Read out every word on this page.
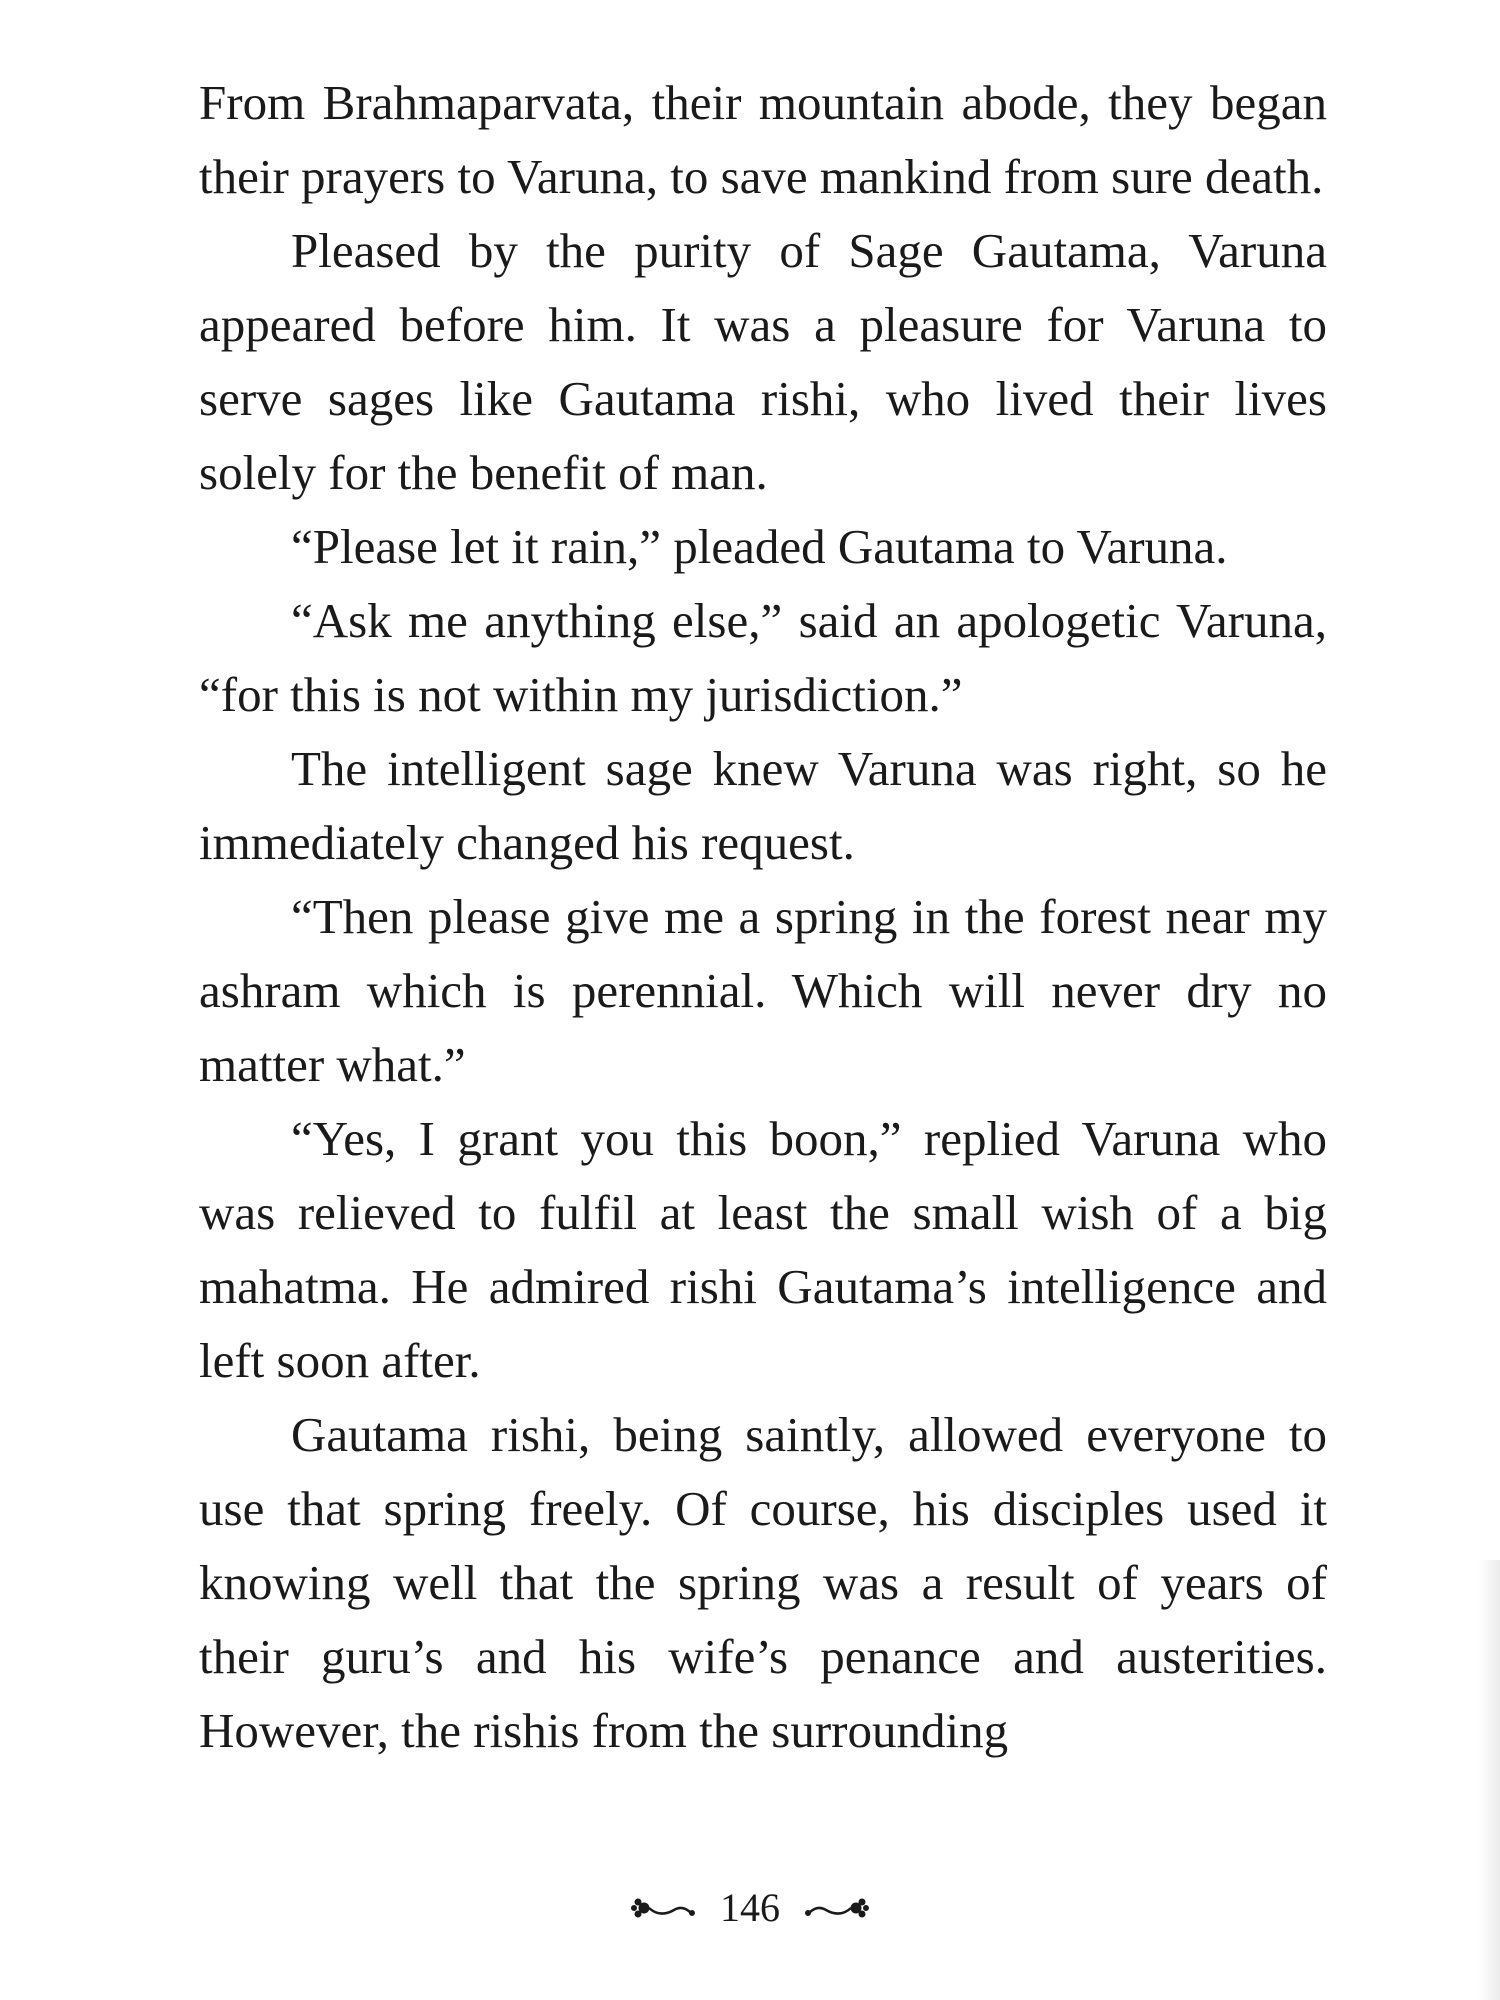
From Brahmaparvata, their mountain abode, they began their prayers to Varuna, to save mankind from sure death.

Pleased by the purity of Sage Gautama, Varuna appeared before him. It was a pleasure for Varuna to serve sages like Gautama rishi, who lived their lives solely for the benefit of man.

“Please let it rain,” pleaded Gautama to Varuna.

“Ask me anything else,” said an apologetic Varuna, “for this is not within my jurisdiction.”

The intelligent sage knew Varuna was right, so he immediately changed his request.

“Then please give me a spring in the forest near my ashram which is perennial. Which will never dry no matter what.”

“Yes, I grant you this boon,” replied Varuna who was relieved to fulfil at least the small wish of a big mahatma. He admired rishi Gautama’s intelligence and left soon after.

Gautama rishi, being saintly, allowed everyone to use that spring freely. Of course, his disciples used it knowing well that the spring was a result of years of their guru’s and his wife’s penance and austerities. However, the rishis from the surrounding

146
